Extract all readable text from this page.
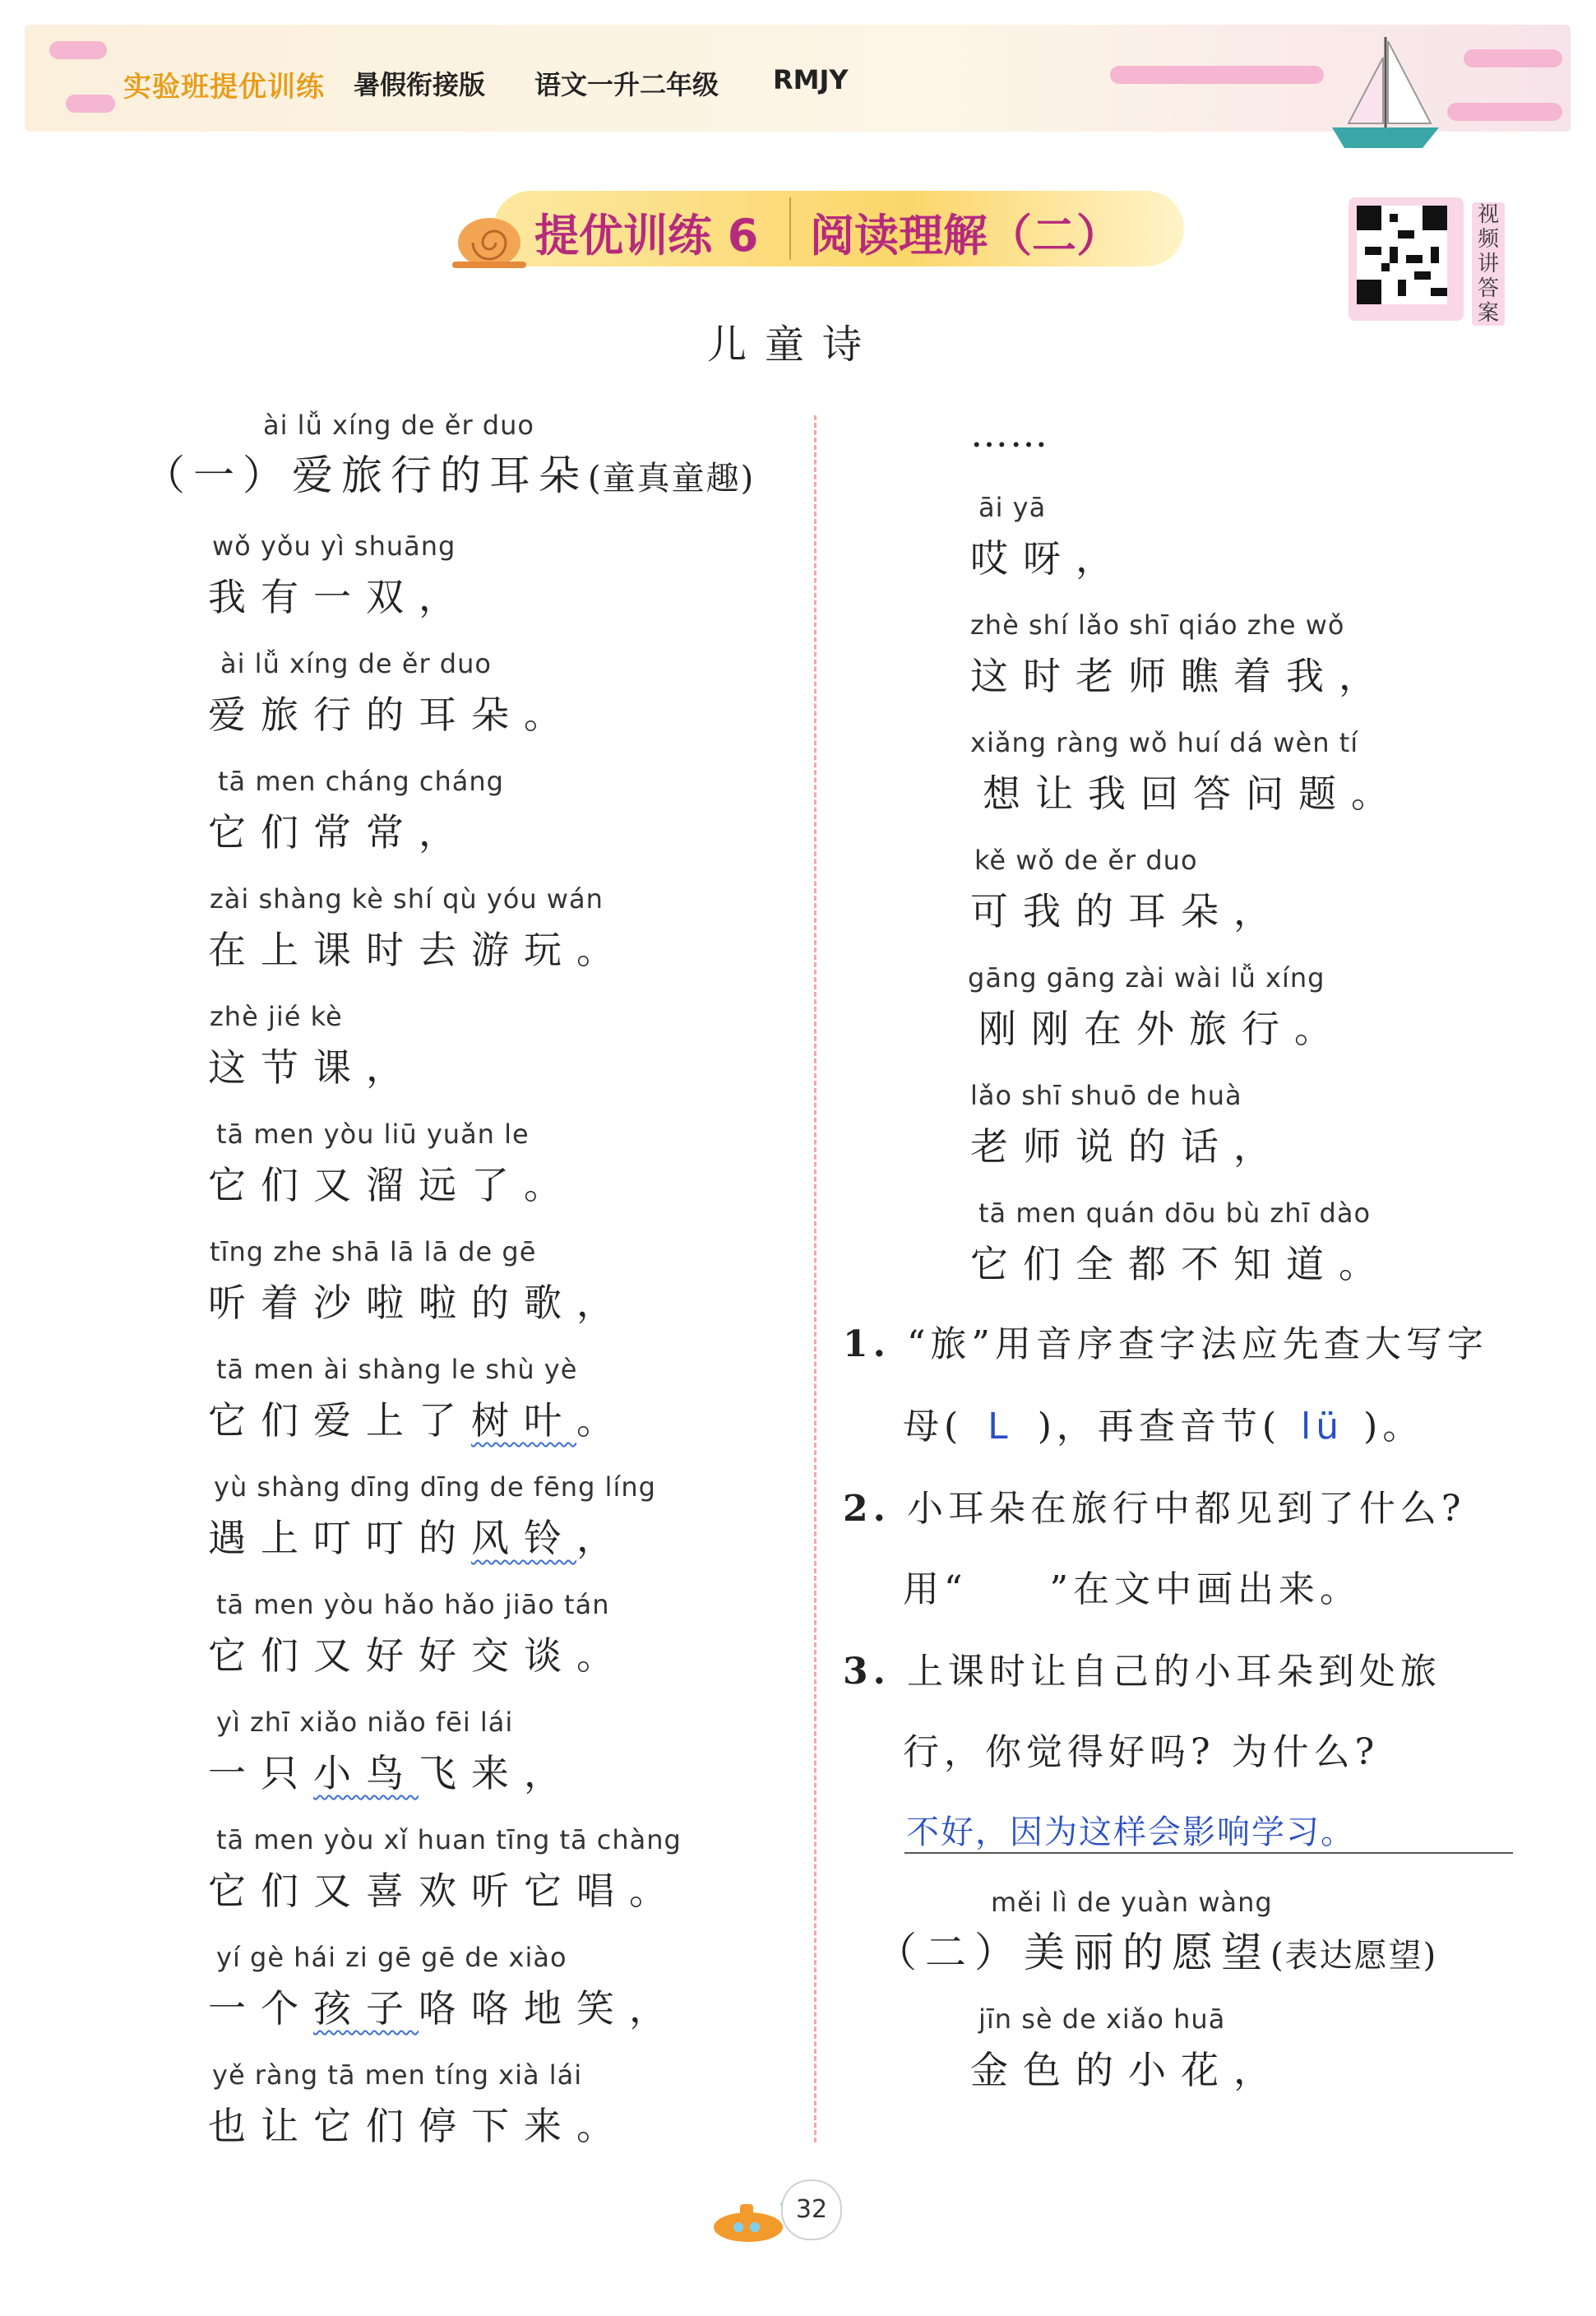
实验班提优训练 暑假衔接版 语文一升二年级 RMJY
提优训练 6 阅读理解（二）	视频讲答案
儿童诗
ài lǚ xíng de ěr duo
（一）爱旅行的耳朵(童真童趣)
wǒ yǒu yì shuāng
我有一双，
ài lǚ xíng de ěr duo
爱旅行的耳朵。
tā men cháng cháng
它们常常，
zài shàng kè shí qù yóu wán
在上课时去游玩。
zhè jié kè
这节课，
tā men yòu liū yuǎn le
它们又溜远了。
tīng zhe shā lā lā de gē
听着沙啦啦的歌，
tā men ài shàng le shù yè
它们爱上了树叶。
yù shàng dīng dīng de fēng líng
遇上叮叮的风铃，
tā men yòu hǎo hǎo jiāo tán
它们又好好交谈。
yì zhī xiǎo niǎo fēi lái
一只小鸟飞来，
tā men yòu xǐ huan tīng tā chàng
它们又喜欢听它唱。
yí gè hái zi gē gē de xiào
一个孩子咯咯地笑，
yě ràng tā men tíng xià lái
也让它们停下来。
……
āi yā
哎呀，
zhè shí lǎo shī qiáo zhe wǒ
这时老师瞧着我，
xiǎng ràng wǒ huí dá wèn tí
想让我回答问题。
kě wǒ de ěr duo
可我的耳朵，
gāng gāng zài wài lǚ xíng
刚刚在外旅行。
lǎo shī shuō de huà
老师说的话，
tā men quán dōu bù zhī dào
它们全都不知道。
1. “旅”用音序查字法应先查大写字
母( L )，再查音节( lü )。
2. 小耳朵在旅行中都见到了什么?
用“ ”在文中画出来。
3. 上课时让自己的小耳朵到处旅
行，你觉得好吗? 为什么?
不好，因为这样会影响学习。
měi lì de yuàn wàng
（二）美丽的愿望(表达愿望)
jīn sè de xiǎo huā
金色的小花，
32
